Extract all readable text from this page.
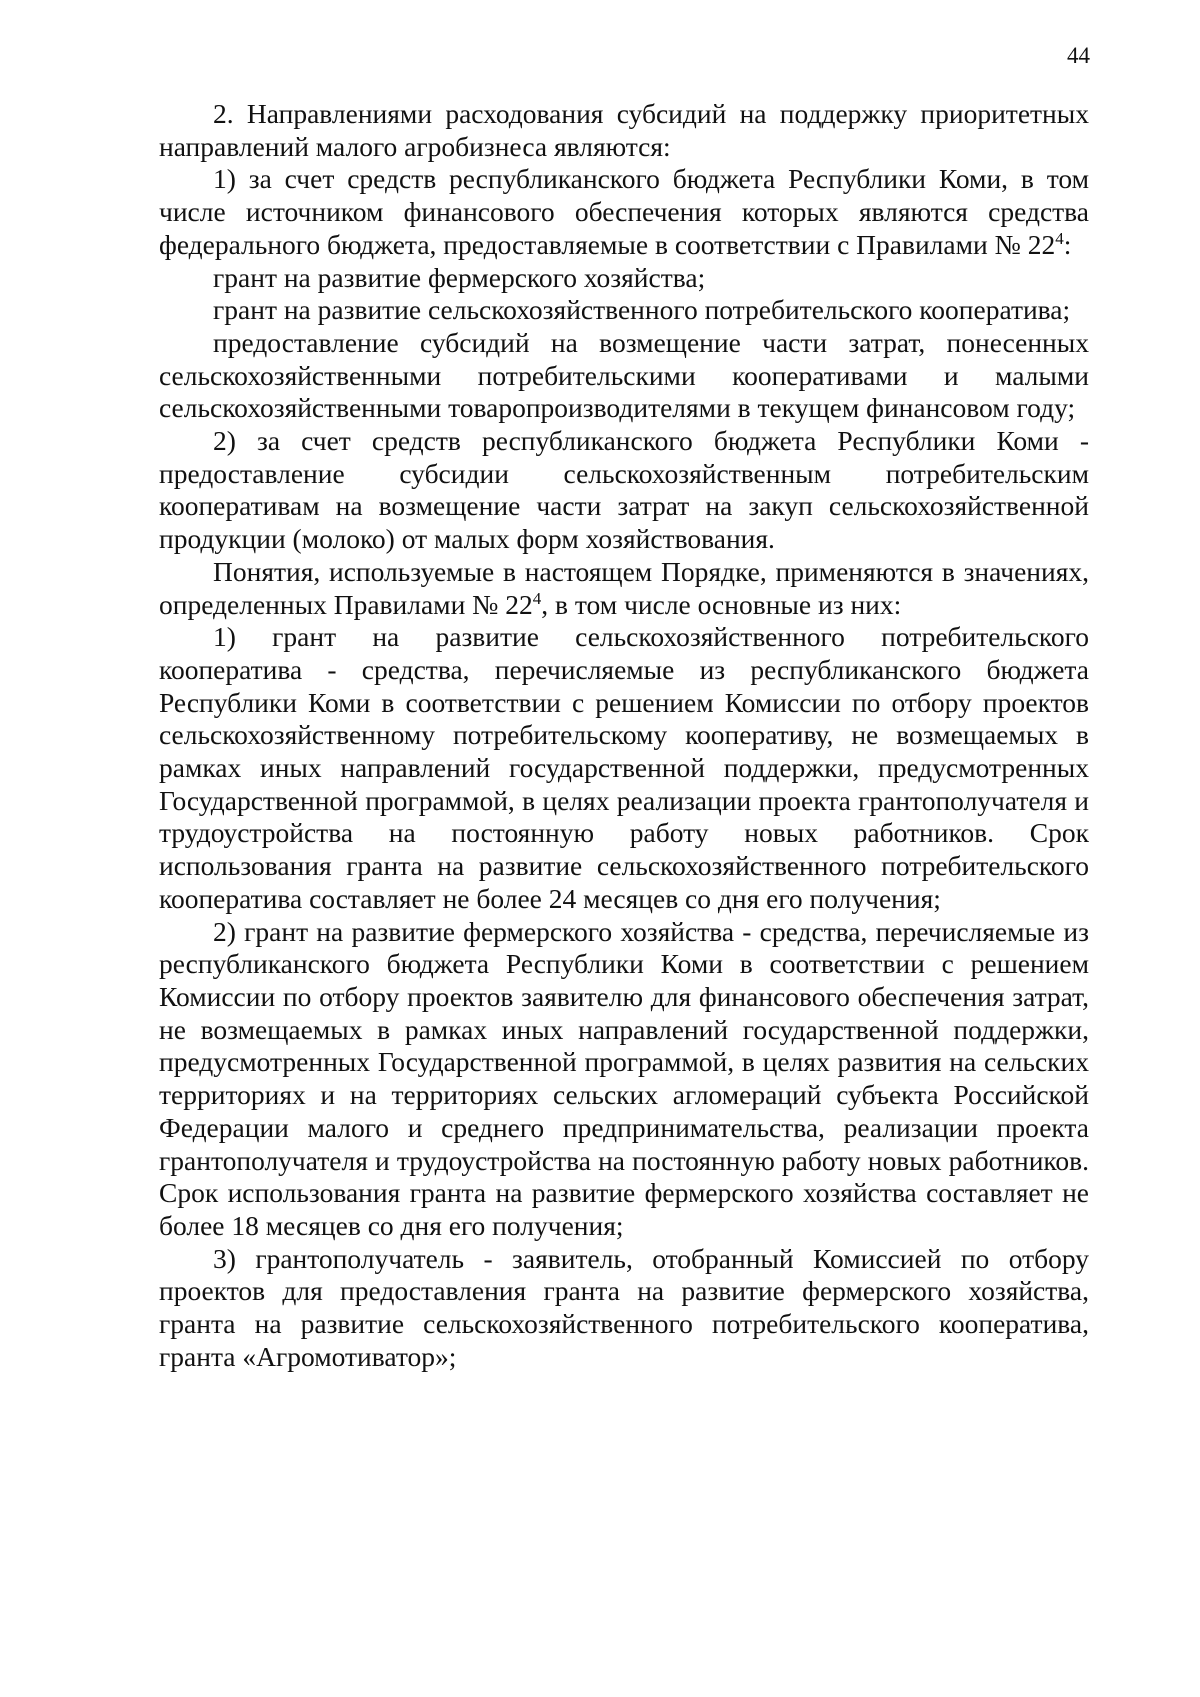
44

2. Направлениями расходования субсидий на поддержку приоритетных направлений малого агробизнеса являются:

1) за счет средств республиканского бюджета Республики Коми, в том числе источником финансового обеспечения которых являются средства федерального бюджета, предоставляемые в соответствии с Правилами № $22^4$:

грант на развитие фермерского хозяйства;

грант на развитие сельскохозяйственного потребительского кооператива;

предоставление субсидий на возмещение части затрат, понесенных сельскохозяйственными потребительскими кооперативами и малыми сельскохозяйственными товаропроизводителями в текущем финансовом году;

2) за счет средств республиканского бюджета Республики Коми - предоставление субсидии сельскохозяйственным потребительским кооперативам на возмещение части затрат на закуп сельскохозяйственной продукции (молоко) от малых форм хозяйствования.

Понятия, используемые в настоящем Порядке, применяются в значениях, определенных Правилами № $22^4$, в том числе основные из них:

1) грант на развитие сельскохозяйственного потребительского кооператива - средства, перечисляемые из республиканского бюджета Республики Коми в соответствии с решением Комиссии по отбору проектов сельскохозяйственному потребительскому кооперативу, не возмещаемых в рамках иных направлений государственной поддержки, предусмотренных Государственной программой, в целях реализации проекта грантополучателя и трудоустройства на постоянную работу новых работников. Срок использования гранта на развитие сельскохозяйственного потребительского кооператива составляет не более 24 месяцев со дня его получения;

2) грант на развитие фермерского хозяйства - средства, перечисляемые из республиканского бюджета Республики Коми в соответствии с решением Комиссии по отбору проектов заявителю для финансового обеспечения затрат, не возмещаемых в рамках иных направлений государственной поддержки, предусмотренных Государственной программой, в целях развития на сельских территориях и на территориях сельских агломераций субъекта Российской Федерации малого и среднего предпринимательства, реализации проекта грантополучателя и трудоустройства на постоянную работу новых работников. Срок использования гранта на развитие фермерского хозяйства составляет не более 18 месяцев со дня его получения;

3) грантополучатель - заявитель, отобранный Комиссией по отбору проектов для предоставления гранта на развитие фермерского хозяйства, гранта на развитие сельскохозяйственного потребительского кооператива, гранта «Агромотиватор»;
